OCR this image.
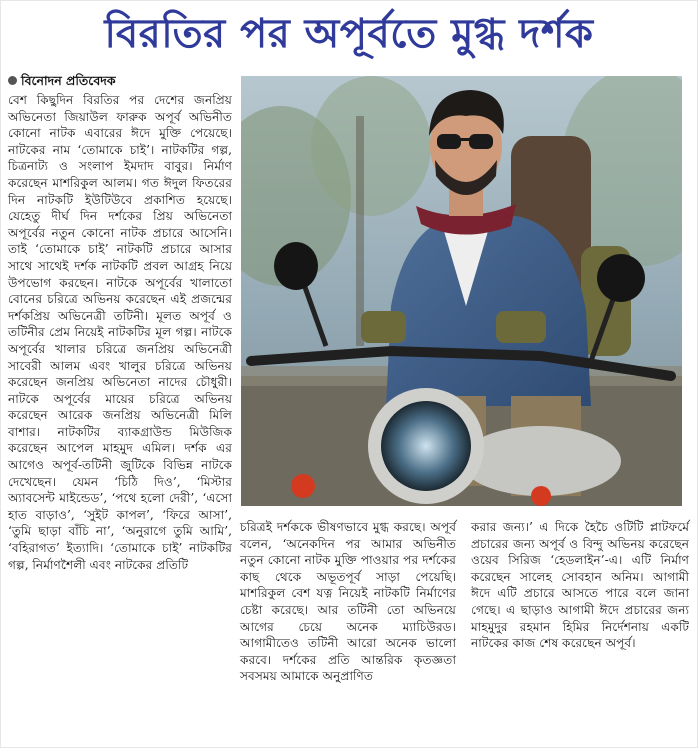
বিরতির পর অপূর্বতে মুগ্ধ দর্শক
বিনোদন প্রতিবেদক

বেশ কিছুদিন বিরতির পর দেশের জনপ্রিয় অভিনেতা জিয়াউল ফারুক অপূর্ব অভিনীত কোনো নাটক এবারের ঈদে মুক্তি পেয়েছে। নাটকের নাম ‘তোমাকে চাই’। নাটকটির গল্প, চিত্রনাট্য ও সংলাপ ইমদাদ বাবুর। নির্মাণ করেছেন মাশরিকুল আলম। গত ঈদুল ফিতরের দিন নাটকটি ইউটিউবে প্রকাশিত হয়েছে। যেহেতু দীর্ঘ দিন দর্শকের প্রিয় অভিনেতা অপূর্বের নতুন কোনো নাটক প্রচারে আসেনি। তাই ‘তোমাকে চাই’ নাটকটি প্রচারে আসার সাথে সাথেই দর্শক নাটকটি প্রবল আগ্রহ নিয়ে উপভোগ করছেন। নাটকে অপূর্বের খালাতো বোনের চরিত্রে অভিনয় করেছেন এই প্রজন্মের দর্শকপ্রিয় অভিনেত্রী তটিনী। মূলত অপূর্ব ও তটিনীর প্রেম নিয়েই নাটকটির মূল গল্প। নাটকে অপূর্বের খালার চরিত্রে জনপ্রিয় অভিনেত্রী সাবেরী আলম এবং খালুর চরিত্রে অভিনয় করেছেন জনপ্রিয় অভিনেতা নাদের চৌধুরী। নাটকে অপূর্বের মায়ের চরিত্রে অভিনয় করেছেন আরেক জনপ্রিয় অভিনেত্রী মিলি বাশার। নাটকটির ব্যাকগ্রাউন্ড মিউজিক করেছেন আপেল মাহমুদ এমিল। দর্শক এর আগেও অপূর্ব-তটিনী জুটিকে বিভিন্ন নাটকে দেখেছেন। যেমন ‘চিঠি দিও’, ‘মিস্টার অ্যাবসেন্ট মাইন্ডেড’, ‘পথে হলো দেরী’, ‘এসো হাত বাড়াও’, ‘সুইট কাপল’, ‘ফিরে আসা’, ‘তুমি ছাড়া বাঁচি না’, ‘অনুরাগে তুমি আমি’, ‘বহিরাগত’ ইত্যাদি। ‘তোমাকে চাই’ নাটকটির গল্প, নির্মাণশৈলী এবং নাটকের প্রতিটি

চরিত্রই দর্শককে ভীষণভাবে মুগ্ধ করছে। অপূর্ব বলেন, ‘অনেকদিন পর আমার অভিনীত নতুন কোনো নাটক মুক্তি পাওয়ার পর দর্শকের কাছ থেকে অভূতপূর্ব সাড়া পেয়েছি। মাশরিকুল বেশ যত্ন নিয়েই নাটকটি নির্মাণের চেষ্টা করেছে। আর তটিনী তো অভিনয়ে আগের চেয়ে অনেক ম্যাচিউরড। আগামীতেও তটিনী আরো অনেক ভালো করবে। দর্শকের প্রতি আন্তরিক কৃতজ্ঞতা সবসময় আমাকে অনুপ্রাণিত

করার জন্য।’ এ দিকে হৈচৈ ওটিটি প্লাটফর্মে প্রচারের জন্য অপূর্ব ও বিন্দু অভিনয় করেছেন ওয়েব সিরিজ ‘হেডলাইন’-এ। এটি নির্মাণ করেছেন সালেহ সোবহান অনিম। আগামী ঈদে এটি প্রচারে আসতে পারে বলে জানা গেছে। এ ছাড়াও আগামী ঈদে প্রচারের জন্য মাহমুদুর রহমান হিমির নির্দেশনায় একটি নাটকের কাজ শেষ করেছেন অপূর্ব।
